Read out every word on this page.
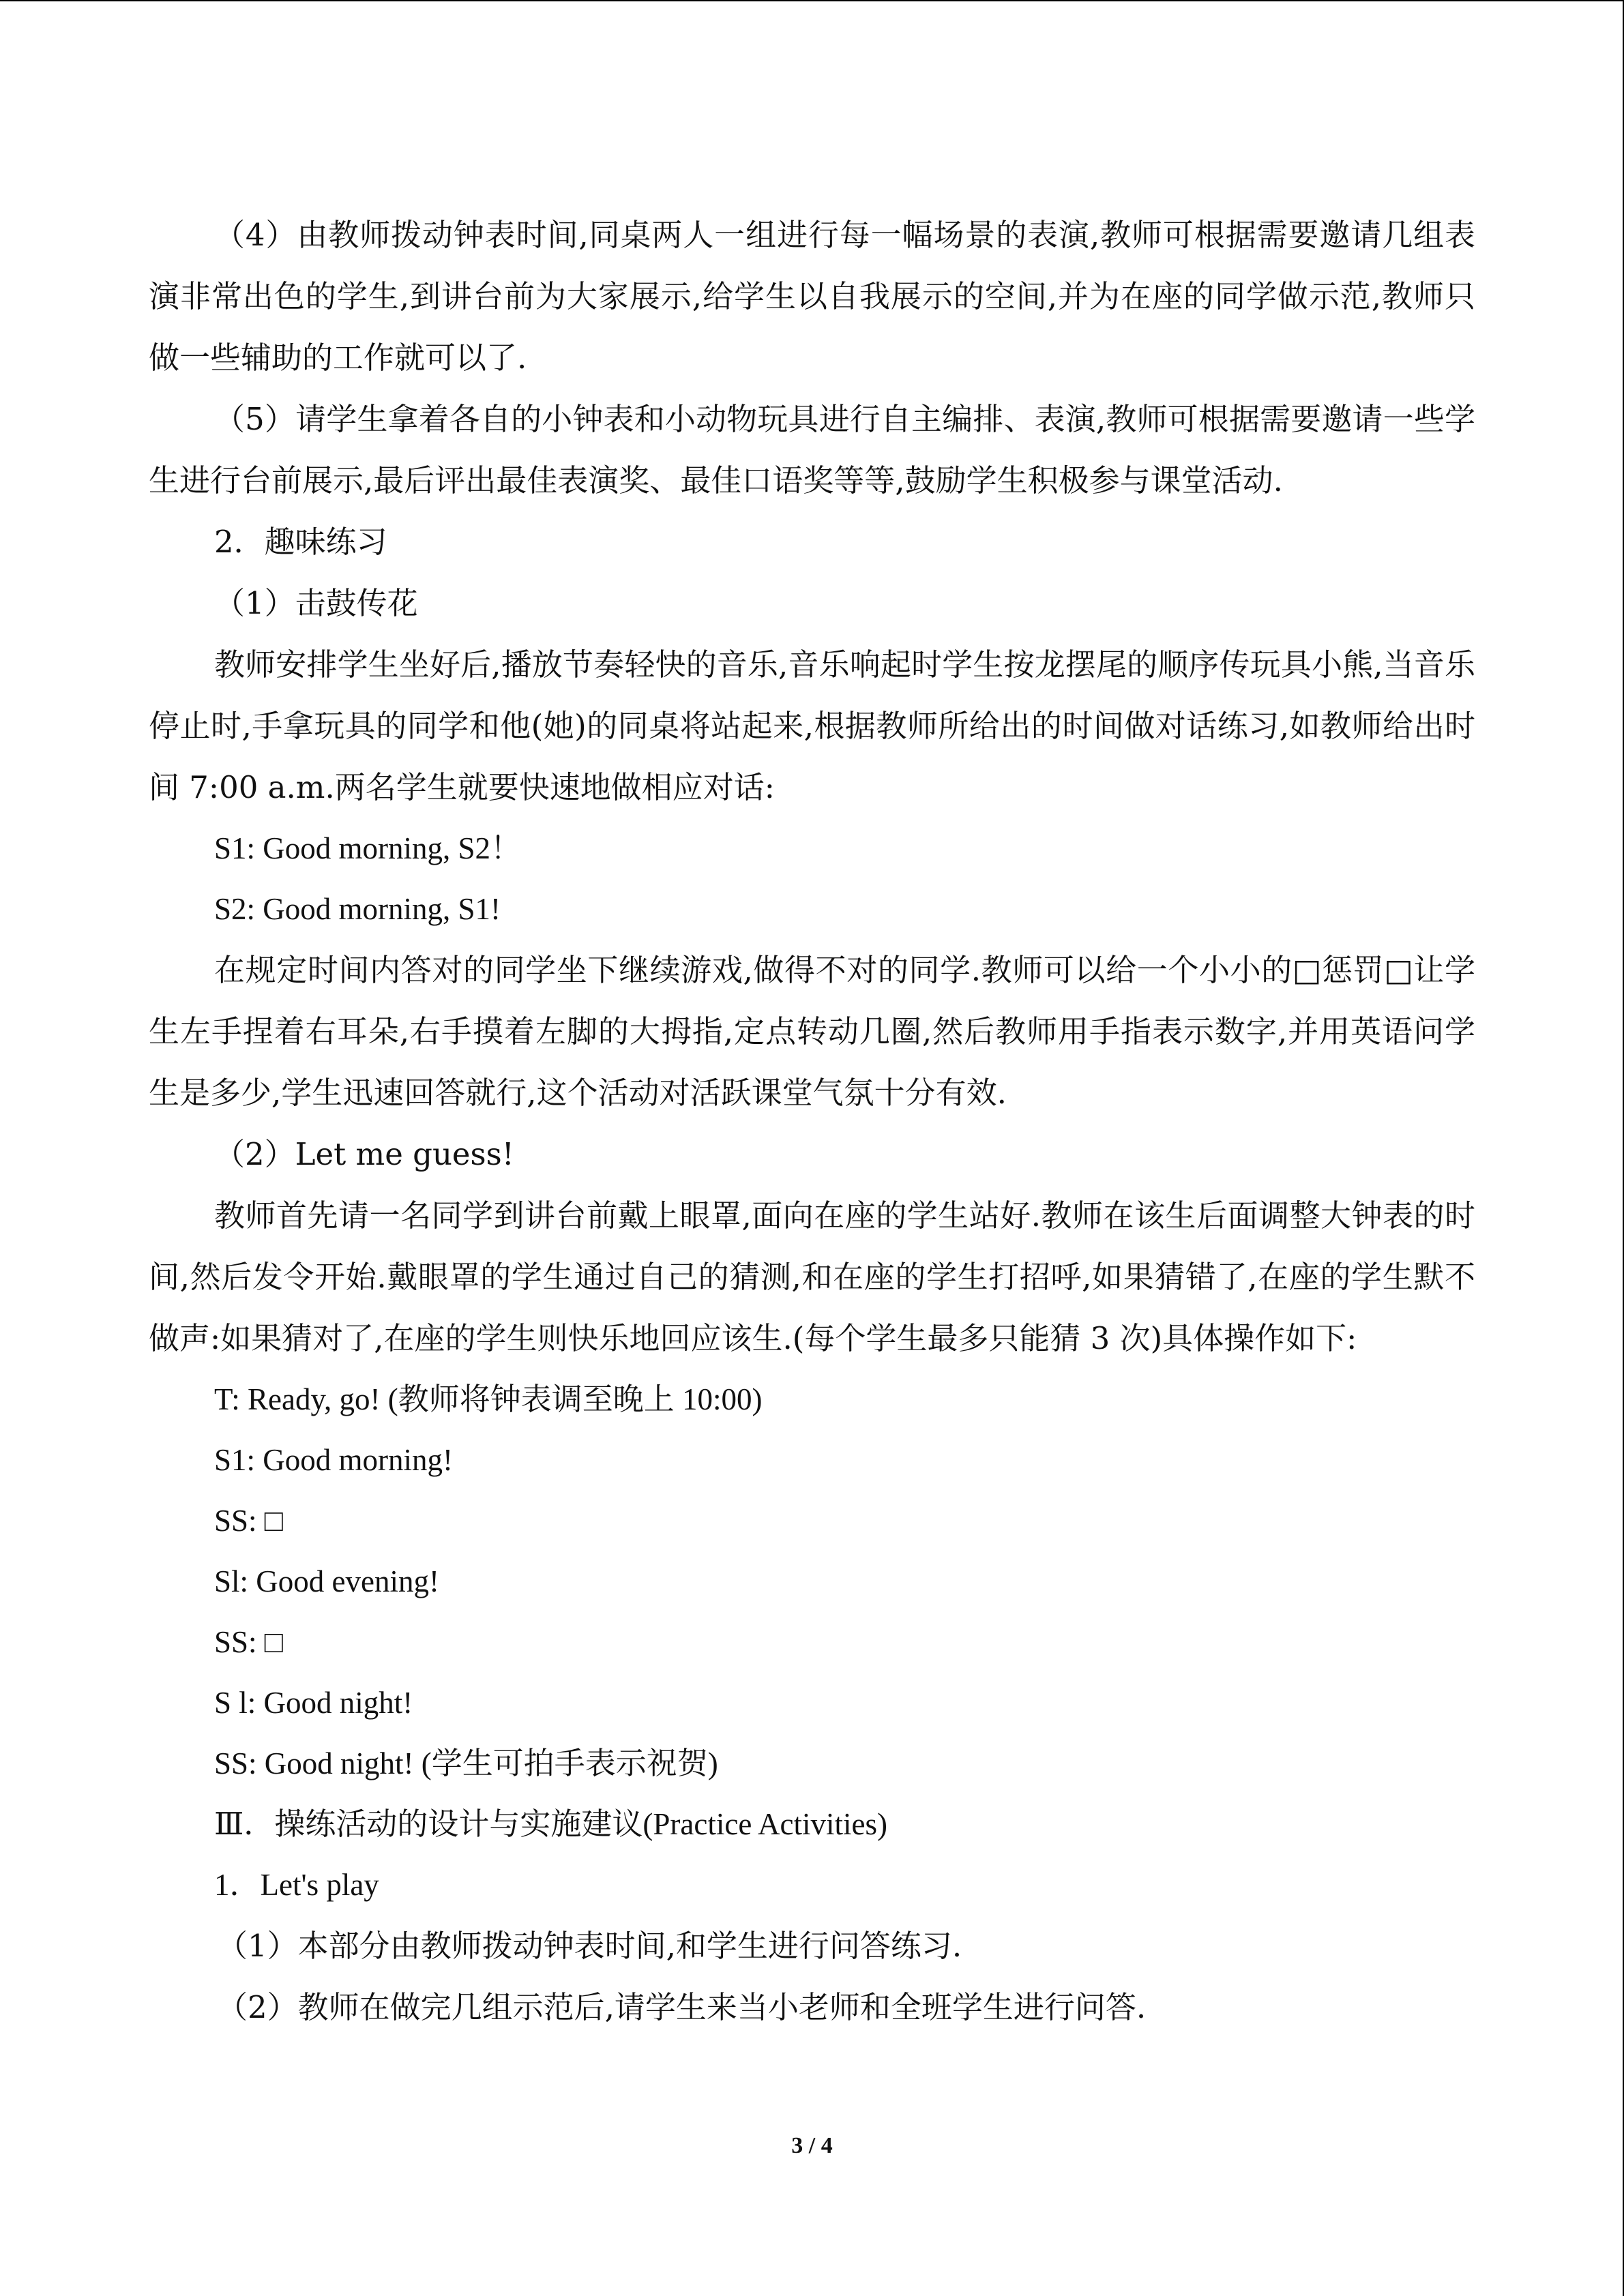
（4）由教师拨动钟表时间,同桌两人一组进行每一幅场景的表演,教师可根据需要邀请几组表演非常出色的学生,到讲台前为大家展示,给学生以自我展示的空间,并为在座的同学做示范,教师只做一些辅助的工作就可以了.

（5）请学生拿着各自的小钟表和小动物玩具进行自主编排、表演,教师可根据需要邀请一些学生进行台前展示,最后评出最佳表演奖、最佳口语奖等等,鼓励学生积极参与课堂活动.

2．趣味练习

（1）击鼓传花

教师安排学生坐好后,播放节奏轻快的音乐,音乐响起时学生按龙摆尾的顺序传玩具小熊,当音乐停止时,手拿玩具的同学和他(她)的同桌将站起来,根据教师所给出的时间做对话练习,如教师给出时间 7:00 a.m.两名学生就要快速地做相应对话:

S1: Good morning, S2！

S2: Good morning, S1!

在规定时间内答对的同学坐下继续游戏,做得不对的同学.教师可以给一个小小的□惩罚□让学生左手捏着右耳朵,右手摸着左脚的大拇指,定点转动几圈,然后教师用手指表示数字,并用英语问学生是多少,学生迅速回答就行,这个活动对活跃课堂气氛十分有效.

（2）Let me guess!

教师首先请一名同学到讲台前戴上眼罩,面向在座的学生站好.教师在该生后面调整大钟表的时间,然后发令开始.戴眼罩的学生通过自己的猜测,和在座的学生打招呼,如果猜错了,在座的学生默不做声:如果猜对了,在座的学生则快乐地回应该生.(每个学生最多只能猜 3 次)具体操作如下:

T: Ready, go! (教师将钟表调至晚上 10:00)

S1: Good morning!

SS: □

Sl: Good evening!

SS: □

S l: Good night!

SS: Good night! (学生可拍手表示祝贺)

Ⅲ．操练活动的设计与实施建议(Practice Activities)

1．Let's play

（1）本部分由教师拨动钟表时间,和学生进行问答练习.

（2）教师在做完几组示范后,请学生来当小老师和全班学生进行问答.

3 / 4
